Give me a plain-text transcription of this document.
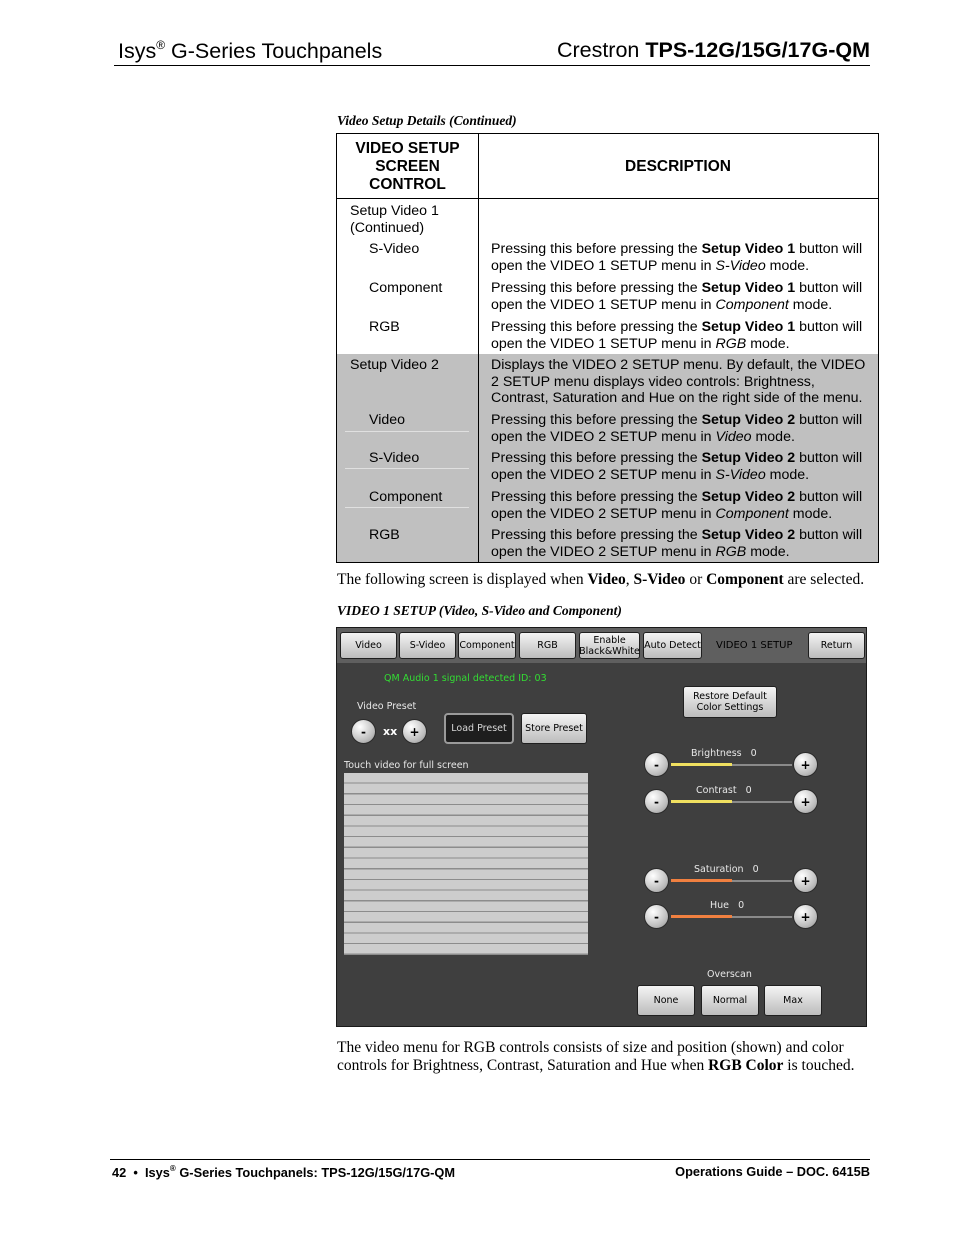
Isys® G-Series Touchpanels	Crestron TPS-12G/15G/17G-QM
Video Setup Details (Continued)
VIDEO SETUP
SCREEN
CONTROL
DESCRIPTION
Setup Video 1
(Continued)
S-Video	Pressing this before pressing the Setup Video 1 button will
open the VIDEO 1 SETUP menu in S-Video mode.
Component	Pressing this before pressing the Setup Video 1 button will
open the VIDEO 1 SETUP menu in Component mode.
RGB	Pressing this before pressing the Setup Video 1 button will
open the VIDEO 1 SETUP menu in RGB mode.
Setup Video 2	Displays the VIDEO 2 SETUP menu. By default, the VIDEO
2 SETUP menu displays video controls: Brightness,
Contrast, Saturation and Hue on the right side of the menu.
Video	Pressing this before pressing the Setup Video 2 button will
open the VIDEO 2 SETUP menu in Video mode.
S-Video	Pressing this before pressing the Setup Video 2 button will
open the VIDEO 2 SETUP menu in S-Video mode.
Component	Pressing this before pressing the Setup Video 2 button will
open the VIDEO 2 SETUP menu in Component mode.
RGB	Pressing this before pressing the Setup Video 2 button will
open the VIDEO 2 SETUP menu in RGB mode.
The following screen is displayed when Video, S-Video or Component are selected.
VIDEO 1 SETUP (Video, S-Video and Component)
Video	S-Video	Component	RGB	Enable
Black&White Auto Detect VIDEO 1 SETUP	Return
QM Audio 1 signal detected ID: 03
Video Preset
-	xx	+	Load Preset	Store Preset
Restore Default
Color Settings
Touch video for full screen
Brightness 0
-	+
Contrast 0
-	+
Saturation 0
-	+
Hue 0
-	+
Overscan
None	Normal	Max
The video menu for RGB controls consists of size and position (shown) and color
controls for Brightness, Contrast, Saturation and Hue when RGB Color is touched.
42 • Isys® G-Series Touchpanels: TPS-12G/15G/17G-QM	Operations Guide – DOC. 6415B
